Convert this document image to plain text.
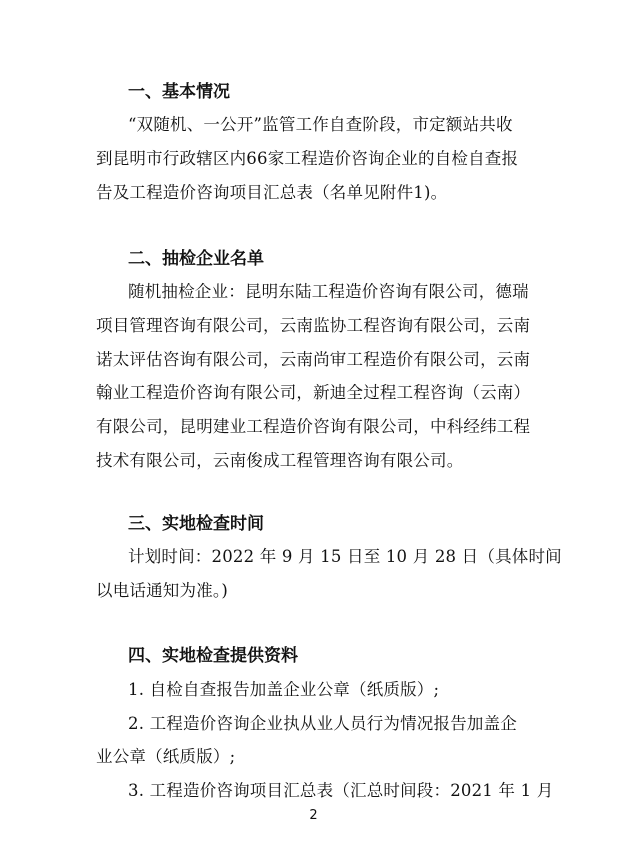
一、基本情况
“双随机、一公开”监管工作自查阶段，市定额站共收
到昆明市行政辖区内66家工程造价咨询企业的自检自查报
告及工程造价咨询项目汇总表（名单见附件1)。
二、抽检企业名单
随机抽检企业：昆明东陆工程造价咨询有限公司，德瑞
项目管理咨询有限公司，云南监协工程咨询有限公司，云南
诺太评估咨询有限公司，云南尚审工程造价有限公司，云南
翰业工程造价咨询有限公司，新迪全过程工程咨询（云南）
有限公司，昆明建业工程造价咨询有限公司，中科经纬工程
技术有限公司，云南俊成工程管理咨询有限公司。
三、实地检查时间
计划时间：2022 年 9 月 15 日至 10 月 28 日（具体时间
以电话通知为准。)
四、实地检查提供资料
1. 自检自查报告加盖企业公章（纸质版）;
2. 工程造价咨询企业执从业人员行为情况报告加盖企
业公章（纸质版）;
3. 工程造价咨询项目汇总表（汇总时间段：2021 年 1 月
2
